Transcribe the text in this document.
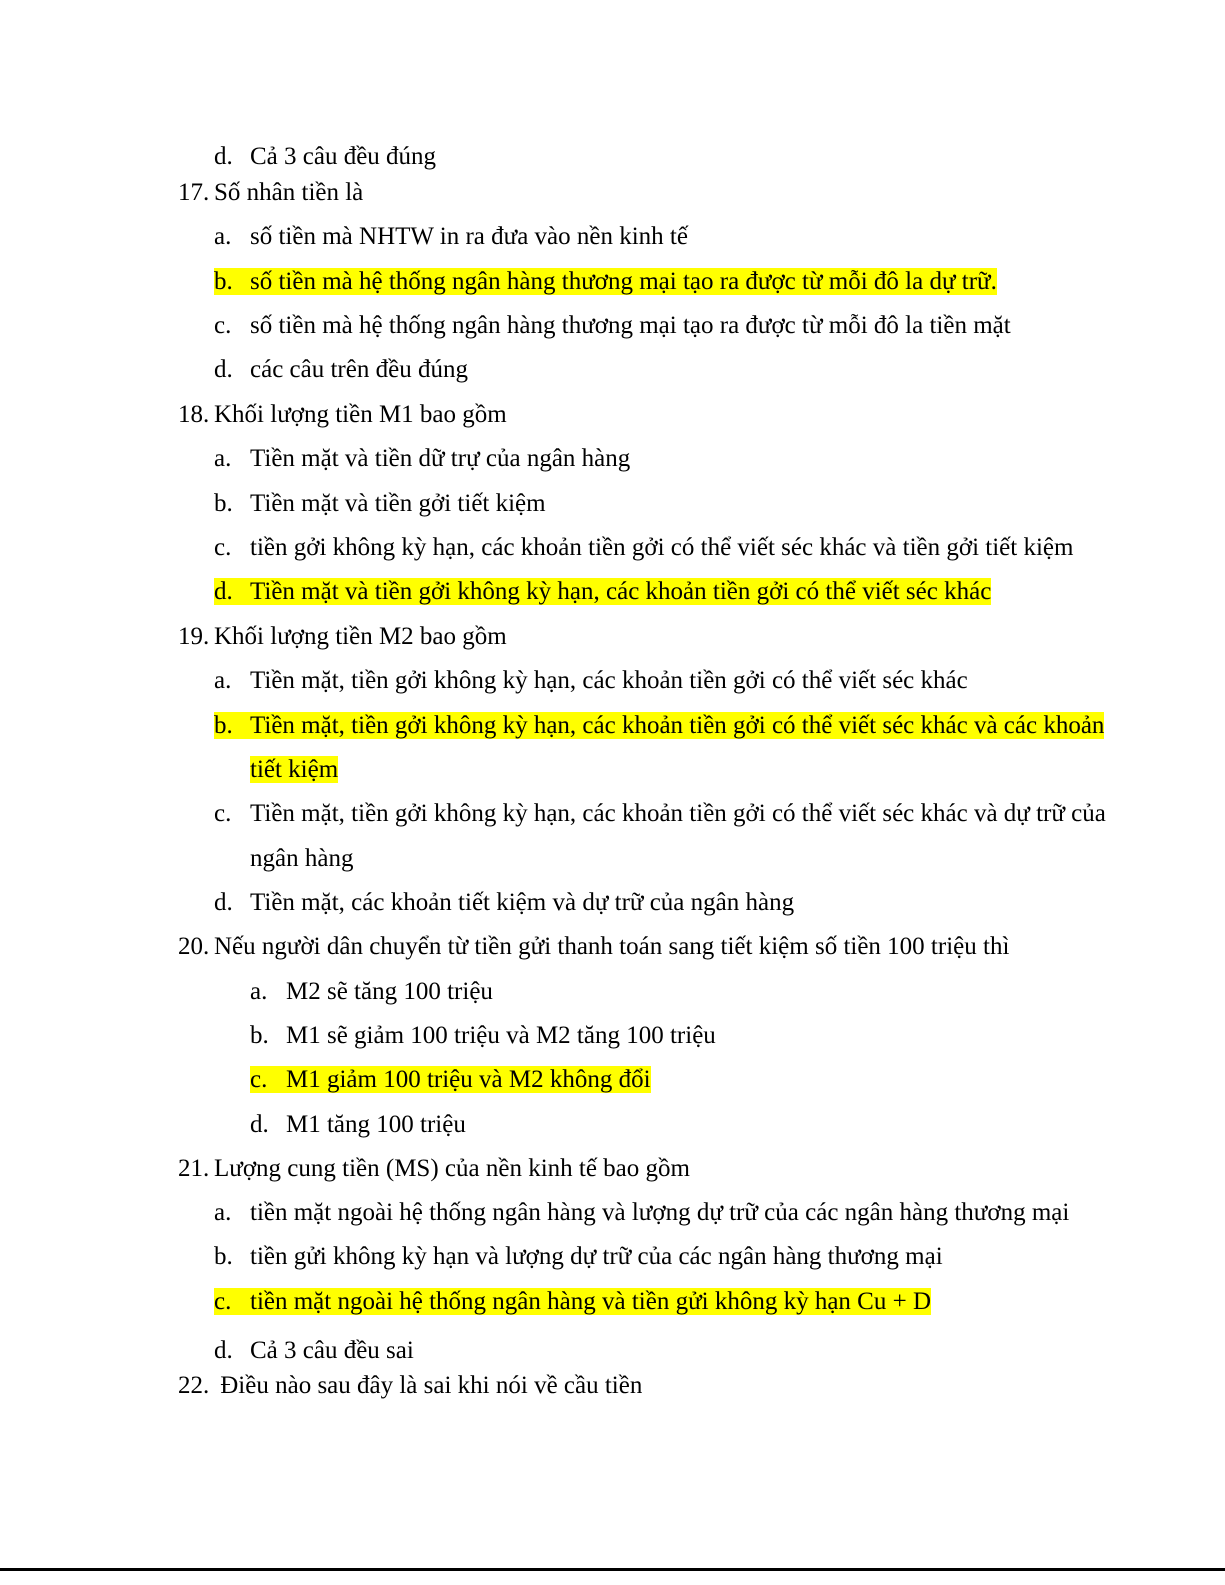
d. Cả 3 câu đều đúng
17. Số nhân tiền là
a. số tiền mà NHTW in ra đưa vào nền kinh tế
b. số tiền mà hệ thống ngân hàng thương mại tạo ra được từ mỗi đô la dự trữ.
c. số tiền mà hệ thống ngân hàng thương mại tạo ra được từ mỗi đô la tiền mặt
d. các câu trên đều đúng
18. Khối lượng tiền M1 bao gồm
a. Tiền mặt và tiền dữ trự của ngân hàng
b. Tiền mặt và tiền gởi tiết kiệm
c. tiền gởi không kỳ hạn, các khoản tiền gởi có thể viết séc khác và tiền gởi tiết kiệm
d. Tiền mặt và tiền gởi không kỳ hạn, các khoản tiền gởi có thể viết séc khác
19. Khối lượng tiền M2 bao gồm
a. Tiền mặt, tiền gởi không kỳ hạn, các khoản tiền gởi có thể viết séc khác
b. Tiền mặt, tiền gởi không kỳ hạn, các khoản tiền gởi có thể viết séc khác và các khoản
tiết kiệm
c. Tiền mặt, tiền gởi không kỳ hạn, các khoản tiền gởi có thể viết séc khác và dự trữ của
ngân hàng
d. Tiền mặt, các khoản tiết kiệm và dự trữ của ngân hàng
20. Nếu người dân chuyển từ tiền gửi thanh toán sang tiết kiệm số tiền 100 triệu thì
a. M2 sẽ tăng 100 triệu
b. M1 sẽ giảm 100 triệu và M2 tăng 100 triệu
c. M1 giảm 100 triệu và M2 không đổi
d. M1 tăng 100 triệu
21. Lượng cung tiền (MS) của nền kinh tế bao gồm
a. tiền mặt ngoài hệ thống ngân hàng và lượng dự trữ của các ngân hàng thương mại
b. tiền gửi không kỳ hạn và lượng dự trữ của các ngân hàng thương mại
c. tiền mặt ngoài hệ thống ngân hàng và tiền gửi không kỳ hạn Cu + D
d. Cả 3 câu đều sai
22. Điều nào sau đây là sai khi nói về cầu tiền
